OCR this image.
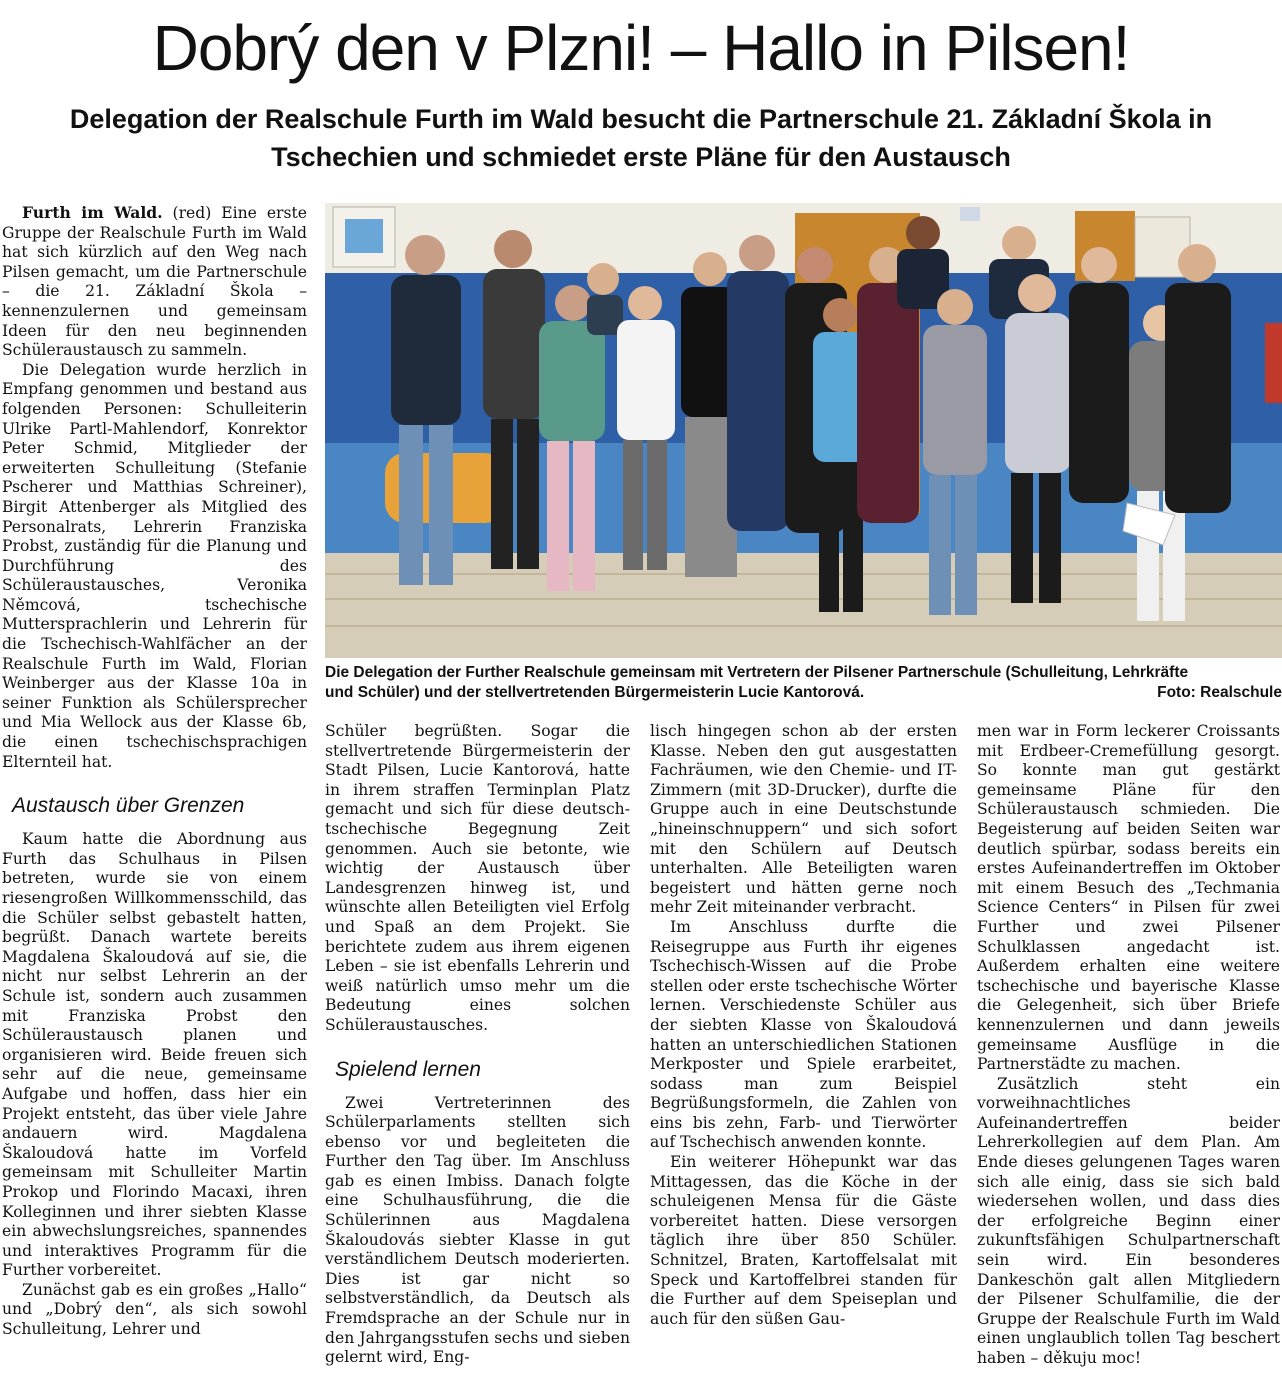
Dobrý den v Plzni! – Hallo in Pilsen!
Delegation der Realschule Furth im Wald besucht die Partnerschule 21. Základní Škola in
Tschechien und schmiedet erste Pläne für den Austausch

Furth im Wald. (red) Eine erste Gruppe der Realschule Furth im Wald hat sich kürzlich auf den Weg nach Pilsen gemacht, um die Partnerschule – die 21. Základní Škola – kennenzulernen und gemeinsam Ideen für den neu beginnenden Schüleraustausch zu sammeln.

Die Delegation wurde herzlich in Empfang genommen und bestand aus folgenden Personen: Schulleiterin Ulrike Partl-Mahlendorf, Konrektor Peter Schmid, Mitglieder der erweiterten Schulleitung (Stefanie Pscherer und Matthias Schreiner), Birgit Attenberger als Mitglied des Personalrats, Lehrerin Franziska Probst, zuständig für die Planung und Durchführung des Schüleraustausches, Veronika Němcová, tschechische Muttersprachlerin und Lehrerin für die Tschechisch-Wahlfächer an der Realschule Furth im Wald, Florian Weinberger aus der Klasse 10a in seiner Funktion als Schülersprecher und Mia Wellock aus der Klasse 6b, die einen tschechischsprachigen Elternteil hat.

Austausch über Grenzen

Kaum hatte die Abordnung aus Furth das Schulhaus in Pilsen betreten, wurde sie von einem riesengroßen Willkommensschild, das die Schüler selbst gebastelt hatten, begrüßt. Danach wartete bereits Magdalena Škaloudová auf sie, die nicht nur selbst Lehrerin an der Schule ist, sondern auch zusammen mit Franziska Probst den Schüleraustausch planen und organisieren wird. Beide freuen sich sehr auf die neue, gemeinsame Aufgabe und hoffen, dass hier ein Projekt entsteht, das über viele Jahre andauern wird. Magdalena Škaloudová hatte im Vorfeld gemeinsam mit Schulleiter Martin Prokop und Florindo Macaxi, ihren Kolleginnen und ihrer siebten Klasse ein abwechslungsreiches, spannendes und interaktives Programm für die Further vorbereitet.

Zunächst gab es ein großes „Hallo“ und „Dobrý den“, als sich sowohl Schulleitung, Lehrer und

Die Delegation der Further Realschule gemeinsam mit Vertretern der Pilsener Partnerschule (Schulleitung, Lehrkräfte
und Schüler) und der stellvertretenden Bürgermeisterin Lucie Kantorová.	Foto: Realschule

Schüler begrüßten. Sogar die stellvertretende Bürgermeisterin der Stadt Pilsen, Lucie Kantorová, hatte in ihrem straffen Terminplan Platz gemacht und sich für diese deutsch-tschechische Begegnung Zeit genommen. Auch sie betonte, wie wichtig der Austausch über Landesgrenzen hinweg ist, und wünschte allen Beteiligten viel Erfolg und Spaß an dem Projekt. Sie berichtete zudem aus ihrem eigenen Leben – sie ist ebenfalls Lehrerin und weiß natürlich umso mehr um die Bedeutung eines solchen Schüleraustausches.

Spielend lernen

Zwei Vertreterinnen des Schülerparlaments stellten sich ebenso vor und begleiteten die Further den Tag über. Im Anschluss gab es einen Imbiss. Danach folgte eine Schulhausführung, die die Schülerinnen aus Magdalena Škaloudovás siebter Klasse in gut verständlichem Deutsch moderierten. Dies ist gar nicht so selbstverständlich, da Deutsch als Fremdsprache an der Schule nur in den Jahrgangsstufen sechs und sieben gelernt wird, Eng-

lisch hingegen schon ab der ersten Klasse. Neben den gut ausgestatten Fachräumen, wie den Chemie- und IT-Zimmern (mit 3D-Drucker), durfte die Gruppe auch in eine Deutschstunde „hineinschnuppern“ und sich sofort mit den Schülern auf Deutsch unterhalten. Alle Beteiligten waren begeistert und hätten gerne noch mehr Zeit miteinander verbracht.

Im Anschluss durfte die Reisegruppe aus Furth ihr eigenes Tschechisch-Wissen auf die Probe stellen oder erste tschechische Wörter lernen. Verschiedenste Schüler aus der siebten Klasse von Škaloudová hatten an unterschiedlichen Stationen Merkposter und Spiele erarbeitet, sodass man zum Beispiel Begrüßungsformeln, die Zahlen von eins bis zehn, Farb- und Tierwörter auf Tschechisch anwenden konnte.

Ein weiterer Höhepunkt war das Mittagessen, das die Köche in der schuleigenen Mensa für die Gäste vorbereitet hatten. Diese versorgen täglich ihre über 850 Schüler. Schnitzel, Braten, Kartoffelsalat mit Speck und Kartoffelbrei standen für die Further auf dem Speiseplan und auch für den süßen Gau-

men war in Form leckerer Croissants mit Erdbeer-Cremefüllung gesorgt. So konnte man gut gestärkt gemeinsame Pläne für den Schüleraustausch schmieden. Die Begeisterung auf beiden Seiten war deutlich spürbar, sodass bereits ein erstes Aufeinandertreffen im Oktober mit einem Besuch des „Techmania Science Centers“ in Pilsen für zwei Further und zwei Pilsener Schulklassen angedacht ist. Außerdem erhalten eine weitere tschechische und bayerische Klasse die Gelegenheit, sich über Briefe kennenzulernen und dann jeweils gemeinsame Ausflüge in die Partnerstädte zu machen.

Zusätzlich steht ein vorweihnachtliches Aufeinandertreffen beider Lehrerkollegien auf dem Plan. Am Ende dieses gelungenen Tages waren sich alle einig, dass sie sich bald wiedersehen wollen, und dass dies der erfolgreiche Beginn einer zukunftsfähigen Schulpartnerschaft sein wird. Ein besonderes Dankeschön galt allen Mitgliedern der Pilsener Schulfamilie, die der Gruppe der Realschule Furth im Wald einen unglaublich tollen Tag beschert haben – děkuju moc!
